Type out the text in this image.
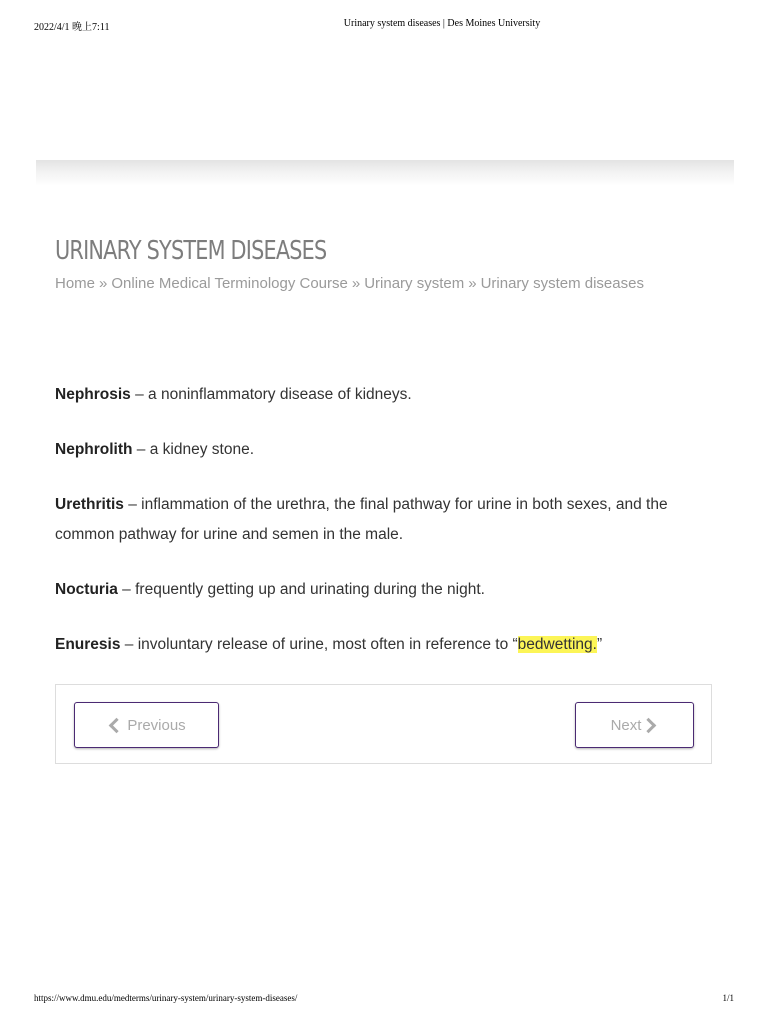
2022/4/1 晚上7:11	Urinary system diseases | Des Moines University
URINARY SYSTEM DISEASES
Home » Online Medical Terminology Course » Urinary system » Urinary system diseases

Nephrosis – a noninflammatory disease of kidneys.

Nephrolith – a kidney stone.

Urethritis – inflammation of the urethra, the final pathway for urine in both sexes, and the common pathway for urine and semen in the male.

Nocturia – frequently getting up and urinating during the night.

Enuresis – involuntary release of urine, most often in reference to “bedwetting.”

Previous	Next
https://www.dmu.edu/medterms/urinary-system/urinary-system-diseases/	1/1
